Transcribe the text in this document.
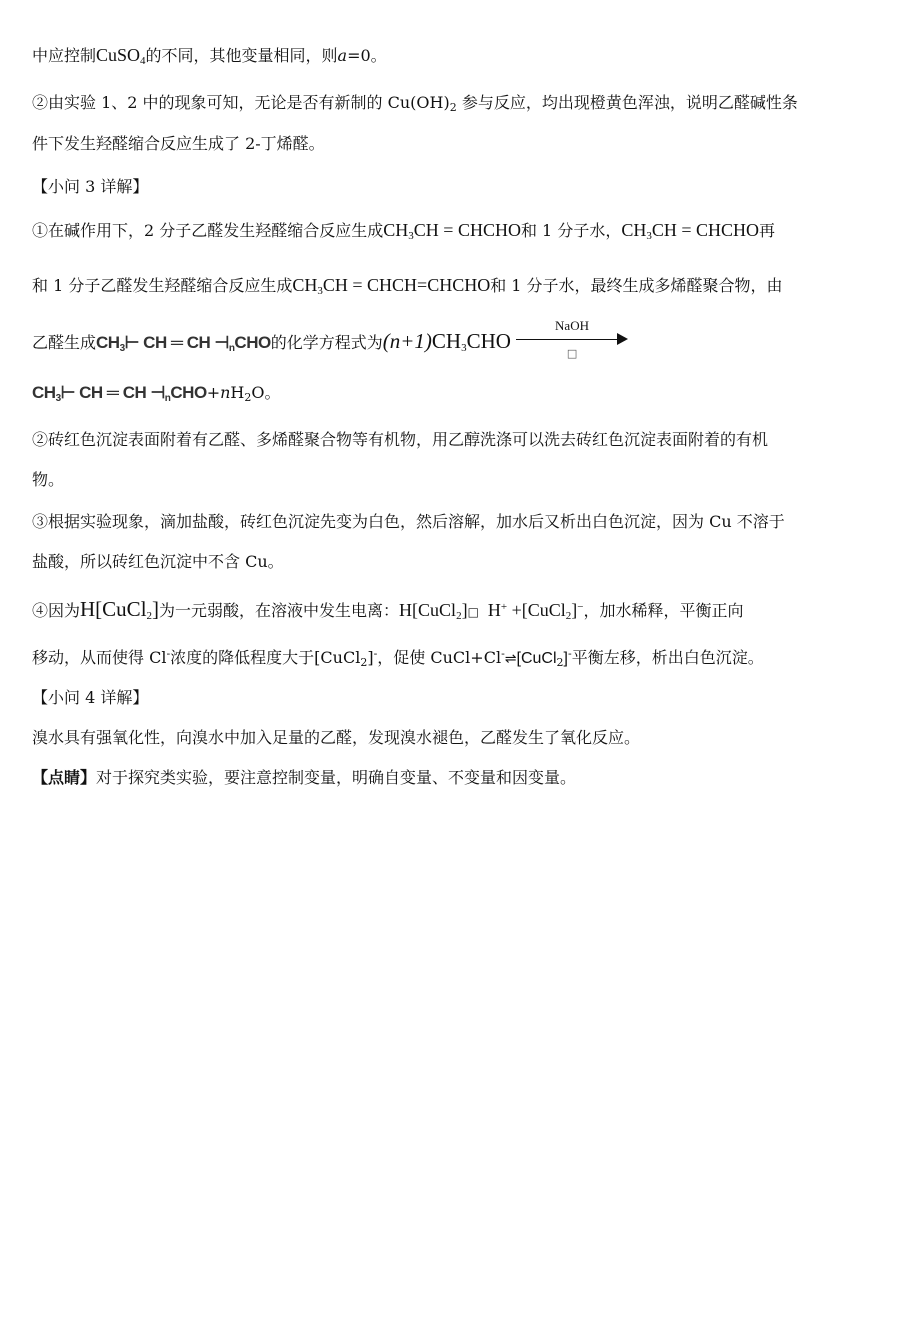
中应控制CuSO$_4$的不同，其他变量相同，则a=0。
②由实验 1、2 中的现象可知，无论是否有新制的 $Cu(OH)_2$ 参与反应，均出现橙黄色浑浊，说明乙醛碱性条
件下发生羟醛缩合反应生成了 2-丁烯醛。
【小问 3 详解】
①在碱作用下，2 分子乙醛发生羟醛缩合反应生成$CH_3CH$ = CHCHO和 1 分子水，$CH_3CH$ = CHCHO再
和 1 分子乙醛发生羟醛缩合反应生成$CH_3CH$ = CHCH=CHCHO和 1 分子水，最终生成多烯醛聚合物，由
乙醛生成$CH_3⊢$ CH ═ CH $⊣_nCHO$的化学方程式为$(n+1)CH_3CHO$
NaOH
□
$CH_3⊢$ CH ═ CH $⊣_nCHO+nH_2O$。
②砖红色沉淀表面附着有乙醛、多烯醛聚合物等有机物，用乙醇洗涤可以洗去砖红色沉淀表面附着的有机
物。
③根据实验现象，滴加盐酸，砖红色沉淀先变为白色，然后溶解，加水后又析出白色沉淀，因为 Cu 不溶于
盐酸，所以砖红色沉淀中不含 Cu。
④因为H[CuCl$_2$]为一元弱酸，在溶液中发生电离：H[CuCl$_2$]□ H+ +[CuCl$_2$]−，加水稀释，平衡正向
移动，从而使得 Cl-浓度的降低程度大于[CuCl$_2$]-，促使 CuCl+Cl-⇌[CuCl$_2$]-平衡左移，析出白色沉淀。
【小问 4 详解】
溴水具有强氧化性，向溴水中加入足量的乙醛，发现溴水褪色，乙醛发生了氧化反应。
【点睛】对于探究类实验，要注意控制变量，明确自变量、不变量和因变量。
